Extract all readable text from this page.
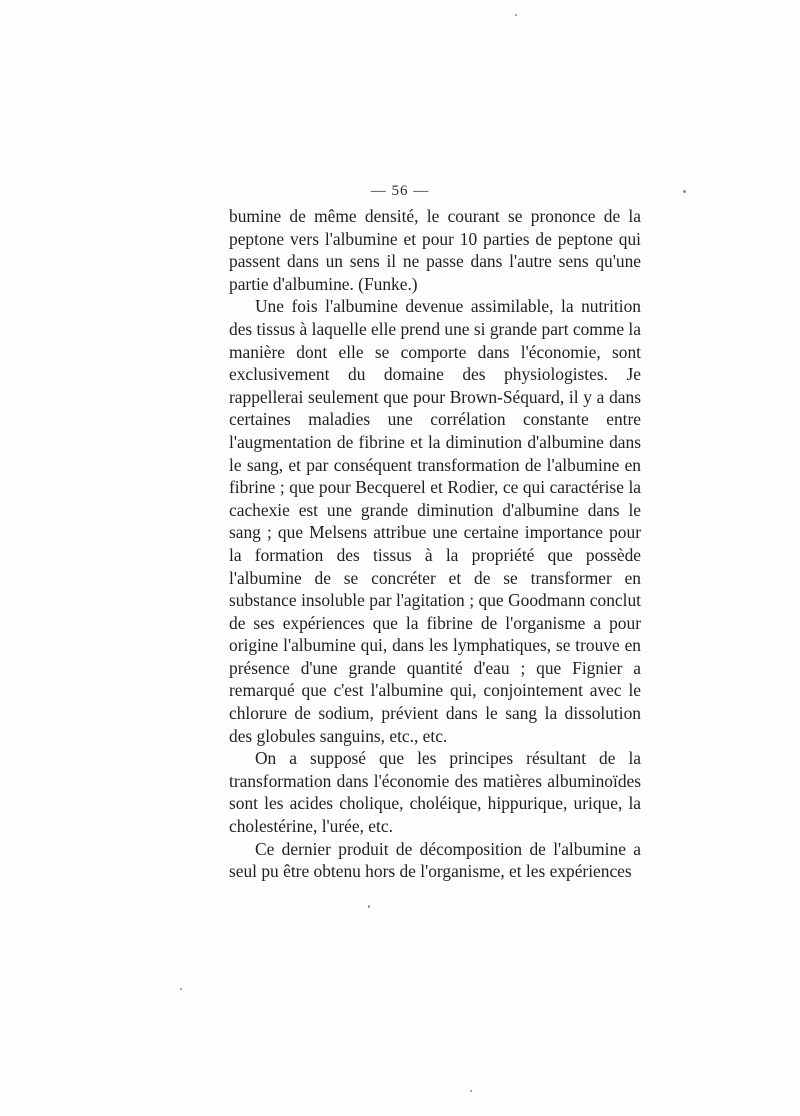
— 56 —

bumine de même densité, le courant se prononce de la peptone vers l'albumine et pour 10 parties de peptone qui passent dans un sens il ne passe dans l'autre sens qu'une partie d'albumine. (Funke.)

Une fois l'albumine devenue assimilable, la nutrition des tissus à laquelle elle prend une si grande part comme la manière dont elle se comporte dans l'économie, sont exclusivement du domaine des physiologistes. Je rappellerai seulement que pour Brown-Séquard, il y a dans certaines maladies une corrélation constante entre l'augmentation de fibrine et la diminution d'albumine dans le sang, et par conséquent transformation de l'albumine en fibrine ; que pour Becquerel et Rodier, ce qui caractérise la cachexie est une grande diminution d'albumine dans le sang ; que Melsens attribue une certaine importance pour la formation des tissus à la propriété que possède l'albumine de se concréter et de se transformer en substance insoluble par l'agitation ; que Goodmann conclut de ses expériences que la fibrine de l'organisme a pour origine l'albumine qui, dans les lymphatiques, se trouve en présence d'une grande quantité d'eau ; que Fignier a remarqué que c'est l'albumine qui, conjointement avec le chlorure de sodium, prévient dans le sang la dissolution des globules sanguins, etc., etc.

On a supposé que les principes résultant de la transformation dans l'économie des matières albuminoïdes sont les acides cholique, choléique, hippurique, urique, la cholestérine, l'urée, etc.

Ce dernier produit de décomposition de l'albumine a seul pu être obtenu hors de l'organisme, et les expériences
